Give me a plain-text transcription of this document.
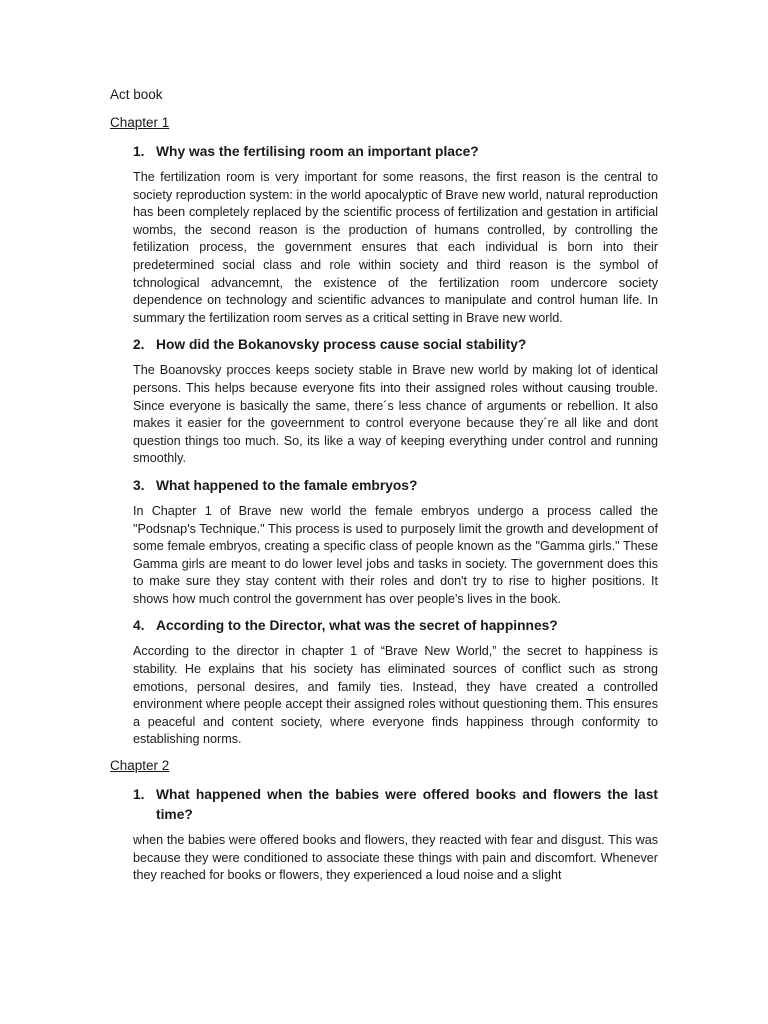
Act book
Chapter 1
1. Why was the fertilising room an important place?

The fertilization room is very important for some reasons, the first reason is the central to society reproduction system: in the world apocalyptic of Brave new world, natural reproduction has been completely replaced by the scientific process of fertilization and gestation in artificial wombs, the second reason is the production of humans controlled, by controlling the fetilization process, the government ensures that each individual is born into their predetermined social class and role within society and third reason is the symbol of tchnological advancemnt, the existence of the fertilization room undercore society dependence on technology and scientific advances to manipulate and control human life. In summary the fertilization room serves as a critical setting in Brave new world.

2. How did the Bokanovsky process cause social stability?

The Boanovsky procces keeps society stable in Brave new world by making lot of identical persons. This helps because everyone fits into their assigned roles without causing trouble. Since everyone is basically the same, there´s less chance of arguments or rebellion. It also makes it easier for the goveernment to control everyone because they´re all like and dont question things too much. So, its like a way of keeping everything under control and running smoothly.

3. What happened to the famale embryos?

In Chapter 1 of Brave new world the female embryos undergo a process called the "Podsnap's Technique." This process is used to purposely limit the growth and development of some female embryos, creating a specific class of people known as the "Gamma girls." These Gamma girls are meant to do lower level jobs and tasks in society. The government does this to make sure they stay content with their roles and don't try to rise to higher positions. It shows how much control the government has over people's lives in the book.

4. According to the Director, what was the secret of happinnes?

According to the director in chapter 1 of “Brave New World,” the secret to happiness is stability. He explains that his society has eliminated sources of conflict such as strong emotions, personal desires, and family ties. Instead, they have created a controlled environment where people accept their assigned roles without questioning them. This ensures a peaceful and content society, where everyone finds happiness through conformity to establishing norms.

Chapter 2
1. What happened when the babies were offered books and flowers the last time?

when the babies were offered books and flowers, they reacted with fear and disgust. This was because they were conditioned to associate these things with pain and discomfort. Whenever they reached for books or flowers, they experienced a loud noise and a slight
